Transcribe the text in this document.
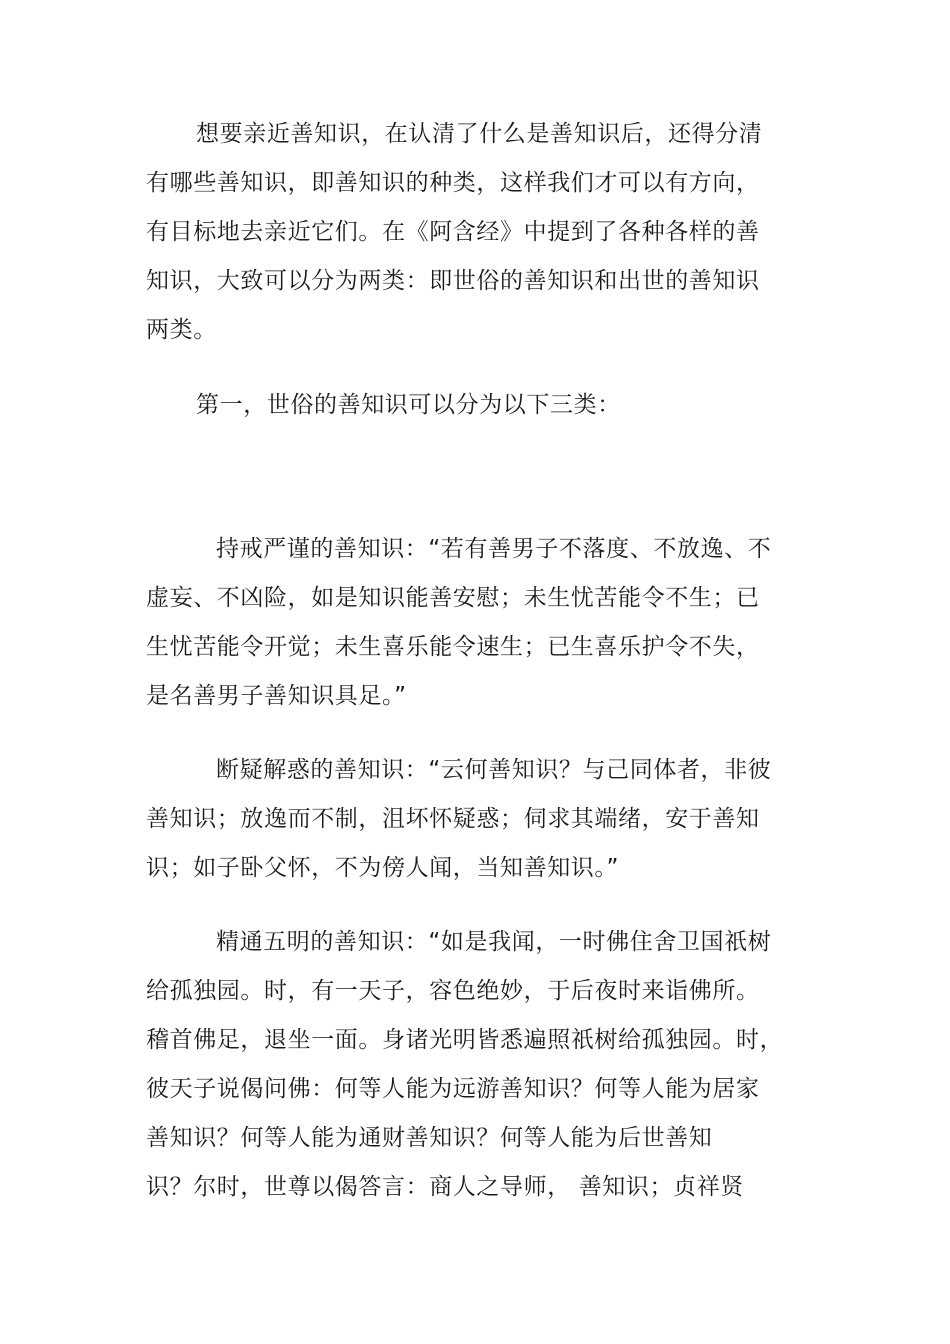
想要亲近善知识，在认清了什么是善知识后，还得分清
有哪些善知识，即善知识的种类，这样我们才可以有方向，
有目标地去亲近它们。在《阿含经》中提到了各种各样的善
知识，大致可以分为两类：即世俗的善知识和出世的善知识
两类。
第一，世俗的善知识可以分为以下三类：
持戒严谨的善知识：“若有善男子不落度、不放逸、不
虚妄、不凶险，如是知识能善安慰；未生忧苦能令不生；已
生忧苦能令开觉；未生喜乐能令速生；已生喜乐护令不失，
是名善男子善知识具足。”
断疑解惑的善知识：“云何善知识？与己同体者，非彼
善知识；放逸而不制，沮坏怀疑惑；伺求其端绪，安于善知
识；如子卧父怀，不为傍人闻，当知善知识。”
精通五明的善知识：“如是我闻，一时佛住舍卫国祇树
给孤独园。时，有一天子，容色绝妙，于后夜时来诣佛所。
稽首佛足，退坐一面。身诸光明皆悉遍照祇树给孤独园。时，
彼天子说偈问佛：何等人能为远游善知识？何等人能为居家
善知识？何等人能为通财善知识？何等人能为后世善知
识？尔时，世尊以偈答言：商人之导师， 善知识；贞祥贤
